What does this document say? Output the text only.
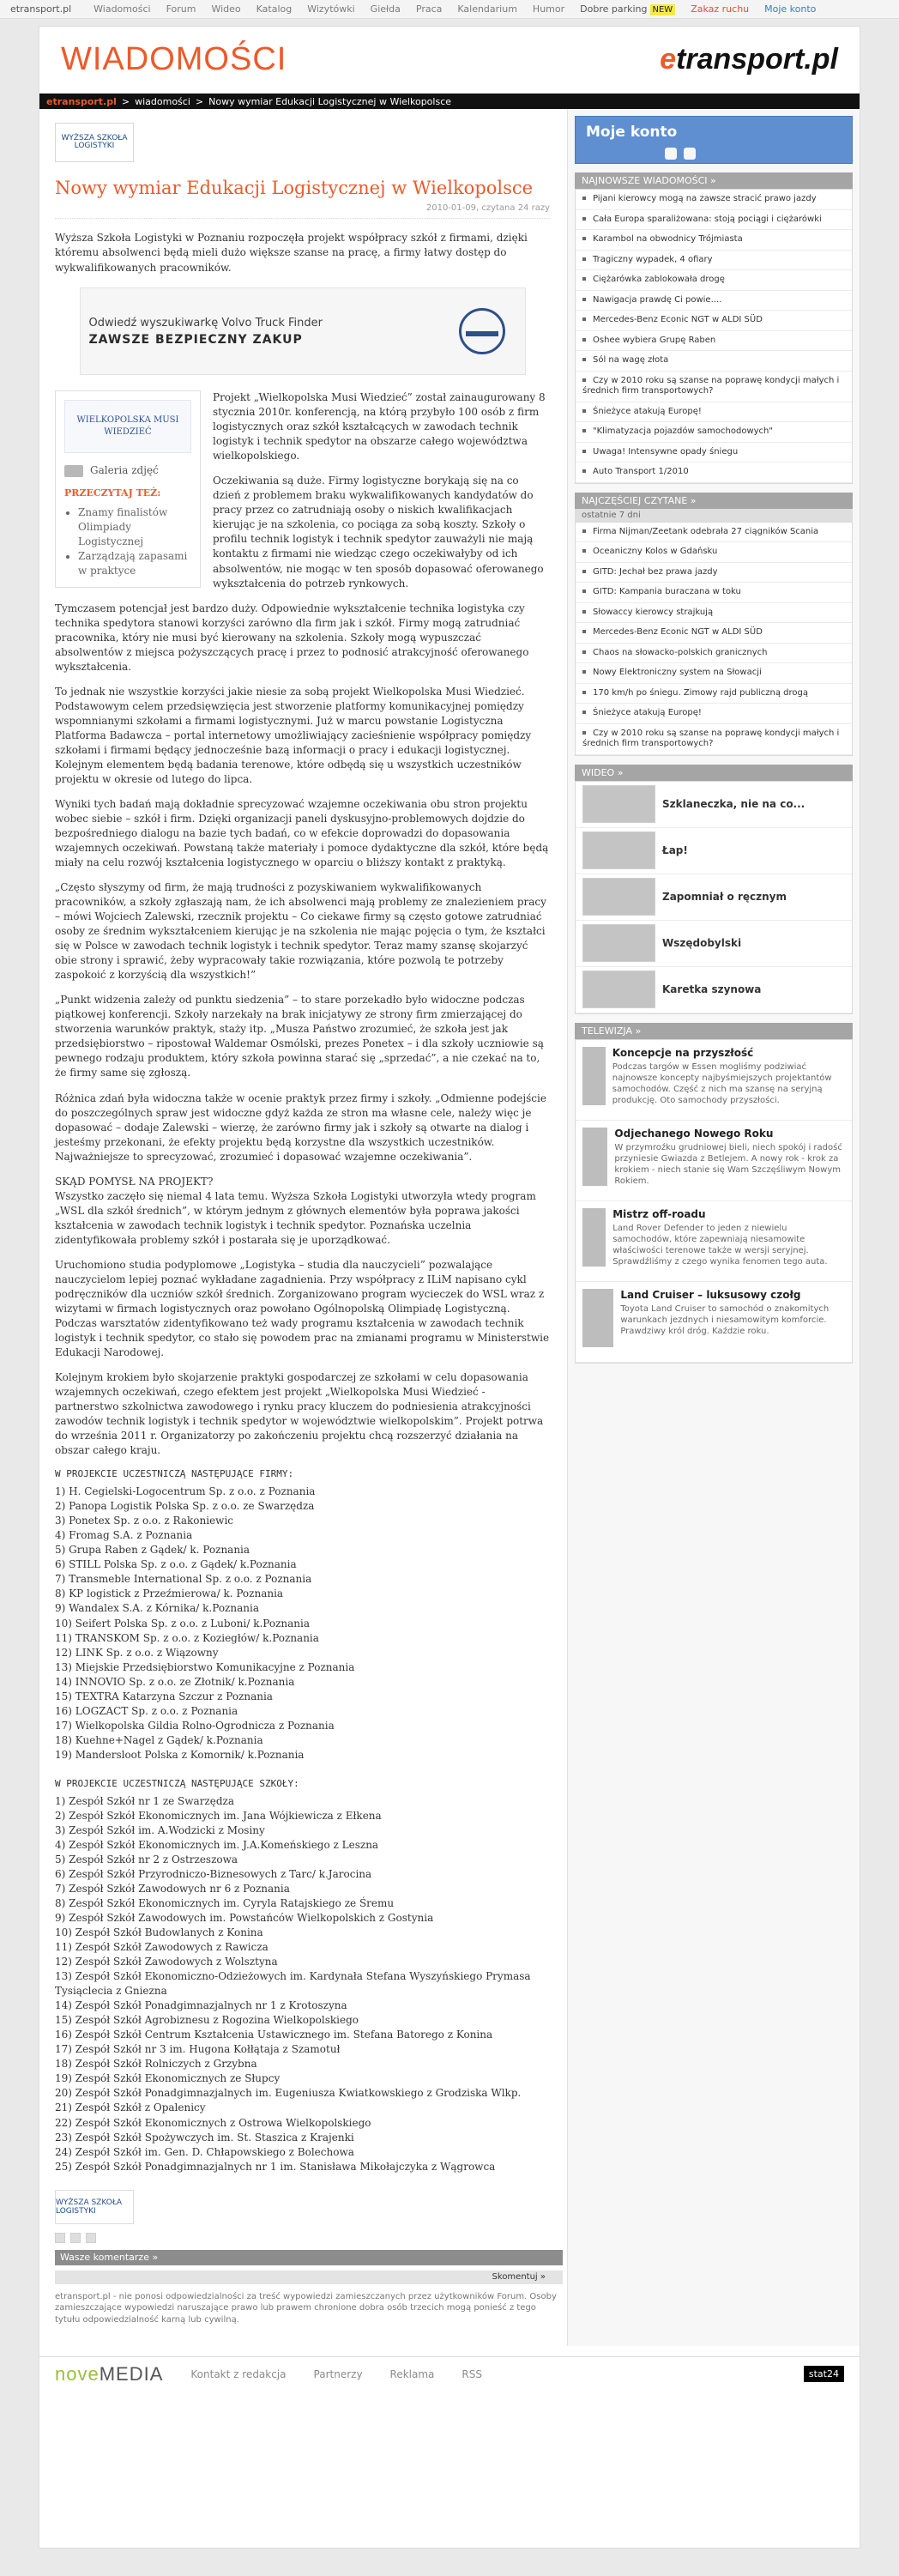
etransport.pl Wiadomości Forum Wideo Katalog Wizytówki Giełda Praca Kalendarium Humor Dobre parking NEW Zakaz ruchu Moje konto
WIADOMOŚCI	etransport.pl
etransport.pl > wiadomości > Nowy wymiar Edukacji Logistycznej w Wielkopolsce
WYŻSZA SZKOŁA LOGISTYKI
Nowy wymiar Edukacji Logistycznej w Wielkopolsce
2010-01-09, czytana 24 razy
Wyższa Szkoła Logistyki w Poznaniu rozpoczęła projekt współpracy szkół z firmami, dzięki któremu absolwenci będą mieli dużo większe szanse na pracę, a firmy łatwy dostęp do wykwalifikowanych pracowników.
Odwiedź wyszukiwarkę Volvo Truck Finder
ZAWSZE BEZPIECZNY ZAKUP
WIELKOPOLSKA MUSI WIEDZIEĆ
Galeria zdjęć
PRZECZYTAJ TEŻ:
• Znamy finalistów Olimpiady Logistycznej
• Zarządzają zapasami w praktyce

Projekt „Wielkopolska Musi Wiedzieć” został zainaugurowany 8 stycznia 2010r. konferencją, na którą przybyło 100 osób z firm logistycznych oraz szkół kształcących w zawodach technik logistyk i technik spedytor na obszarze całego województwa wielkopolskiego.

Oczekiwania są duże. Firmy logistyczne borykają się na co dzień z problemem braku wykwalifikowanych kandydatów do pracy przez co zatrudniają osoby o niskich kwalifikacjach kierując je na szkolenia, co pociąga za sobą koszty. Szkoły o profilu technik logistyk i technik spedytor zauważyli nie mają kontaktu z firmami nie wiedząc czego oczekiwałyby od ich absolwentów, nie mogąc w ten sposób dopasować oferowanego wykształcenia do potrzeb rynkowych.

Tymczasem potencjał jest bardzo duży. Odpowiednie wykształcenie technika logistyka czy technika spedytora stanowi korzyści zarówno dla firm jak i szkół. Firmy mogą zatrudniać pracownika, który nie musi być kierowany na szkolenia. Szkoły mogą wypuszczać absolwentów z miejsca pożyszczących pracę i przez to podnosić atrakcyjność oferowanego wykształcenia.

To jednak nie wszystkie korzyści jakie niesie za sobą projekt Wielkopolska Musi Wiedzieć. Podstawowym celem przedsięwzięcia jest stworzenie platformy komunikacyjnej pomiędzy wspomnianymi szkołami a firmami logistycznymi. Już w marcu powstanie Logistyczna Platforma Badawcza – portal internetowy umożliwiający zacieśnienie współpracy pomiędzy szkołami i firmami będący jednocześnie bazą informacji o pracy i edukacji logistycznej. Kolejnym elementem będą badania terenowe, które odbędą się u wszystkich uczestników projektu w okresie od lutego do lipca.

Wyniki tych badań mają dokładnie sprecyzować wzajemne oczekiwania obu stron projektu wobec siebie – szkół i firm. Dzięki organizacji paneli dyskusyjno-problemowych dojdzie do bezpośredniego dialogu na bazie tych badań, co w efekcie doprowadzi do dopasowania wzajemnych oczekiwań. Powstaną także materiały i pomoce dydaktyczne dla szkół, które będą miały na celu rozwój kształcenia logistycznego w oparciu o bliższy kontakt z praktyką.

„Często słyszymy od firm, że mają trudności z pozyskiwaniem wykwalifikowanych pracowników, a szkoły zgłaszają nam, że ich absolwenci mają problemy ze znalezieniem pracy – mówi Wojciech Zalewski, rzecznik projektu – Co ciekawe firmy są często gotowe zatrudniać osoby ze średnim wykształceniem kierując je na szkolenia nie mając pojęcia o tym, że kształci się w Polsce w zawodach technik logistyk i technik spedytor. Teraz mamy szansę skojarzyć obie strony i sprawić, żeby wypracowały takie rozwiązania, które pozwolą te potrzeby zaspokoić z korzyścią dla wszystkich!”

„Punkt widzenia zależy od punktu siedzenia” – to stare porzekadło było widoczne podczas piątkowej konferencji. Szkoły narzekały na brak inicjatywy ze strony firm zmierzającej do stworzenia warunków praktyk, staży itp. „Musza Państwo zrozumieć, że szkoła jest jak przedsiębiorstwo – ripostował Waldemar Osmólski, prezes Ponetex – i dla szkoły uczniowie są pewnego rodzaju produktem, który szkoła powinna starać się „sprzedać”, a nie czekać na to, że firmy same się zgłoszą.

Różnica zdań była widoczna także w ocenie praktyk przez firmy i szkoły. „Odmienne podejście do poszczególnych spraw jest widoczne gdyż każda ze stron ma własne cele, należy więc je dopasować – dodaje Zalewski – wierzę, że zarówno firmy jak i szkoły są otwarte na dialog i jesteśmy przekonani, że efekty projektu będą korzystne dla wszystkich uczestników. Najważniejsze to sprecyzować, zrozumieć i dopasować wzajemne oczekiwania”.

SKĄD POMYSŁ NA PROJEKT?
Wszystko zaczęło się niemal 4 lata temu. Wyższa Szkoła Logistyki utworzyła wtedy program „WSL dla szkół średnich”, w którym jednym z głównych elementów była poprawa jakości kształcenia w zawodach technik logistyk i technik spedytor. Poznańska uczelnia zidentyfikowała problemy szkół i postarała się je uporządkować.

Uruchomiono studia podyplomowe „Logistyka – studia dla nauczycieli” pozwalające nauczycielom lepiej poznać wykładane zagadnienia. Przy współpracy z ILiM napisano cykl podręczników dla uczniów szkół średnich. Zorganizowano program wycieczek do WSL wraz z wizytami w firmach logistycznych oraz powołano Ogólnopolską Olimpiadę Logistyczną. Podczas warsztatów zidentyfikowano też wady programu kształcenia w zawodach technik logistyk i technik spedytor, co stało się powodem prac na zmianami programu w Ministerstwie Edukacji Narodowej.

Kolejnym krokiem było skojarzenie praktyki gospodarczej ze szkołami w celu dopasowania wzajemnych oczekiwań, czego efektem jest projekt „Wielkopolska Musi Wiedzieć - partnerstwo szkolnictwa zawodowego i rynku pracy kluczem do podniesienia atrakcyjności zawodów technik logistyk i technik spedytor w województwie wielkopolskim”. Projekt potrwa do września 2011 r. Organizatorzy po zakończeniu projektu chcą rozszerzyć działania na obszar całego kraju.

W PROJEKCIE UCZESTNICZĄ NASTĘPUJĄCE FIRMY:
1) H. Cegielski-Logocentrum Sp. z o.o. z Poznania
2) Panopa Logistik Polska Sp. z o.o. ze Swarzędza
3) Ponetex Sp. z o.o. z Rakoniewic
4) Fromag S.A. z Poznania
5) Grupa Raben z Gądek/ k. Poznania
6) STILL Polska Sp. z o.o. z Gądek/ k.Poznania
7) Transmeble International Sp. z o.o. z Poznania
8) KP logistick z Przeźmierowa/ k. Poznania
9) Wandalex S.A. z Kórnika/ k.Poznania
10) Seifert Polska Sp. z o.o. z Luboni/ k.Poznania
11) TRANSKOM Sp. z o.o. z Koziegłów/ k.Poznania
12) LINK Sp. z o.o. z Wiązowny
13) Miejskie Przedsiębiorstwo Komunikacyjne z Poznania
14) INNOVIO Sp. z o.o. ze Złotnik/ k.Poznania
15) TEXTRA Katarzyna Szczur z Poznania
16) LOGZACT Sp. z o.o. z Poznania
17) Wielkopolska Gildia Rolno-Ogrodnicza z Poznania
18) Kuehne+Nagel z Gądek/ k.Poznania
19) Mandersloot Polska z Komornik/ k.Poznania
W PROJEKCIE UCZESTNICZĄ NASTĘPUJĄCE SZKOŁY:
1) Zespół Szkół nr 1 ze Swarzędza
2) Zespół Szkół Ekonomicznych im. Jana Wójkiewicza z Ełkena
3) Zespół Szkół im. A.Wodzicki z Mosiny
4) Zespół Szkół Ekonomicznych im. J.A.Komeńskiego z Leszna
5) Zespół Szkół nr 2 z Ostrzeszowa
6) Zespół Szkół Przyrodniczo-Biznesowych z Tarc/ k.Jarocina
7) Zespół Szkół Zawodowych nr 6 z Poznania
8) Zespół Szkół Ekonomicznych im. Cyryla Ratajskiego ze Śremu
9) Zespół Szkół Zawodowych im. Powstańców Wielkopolskich z Gostynia
10) Zespół Szkół Budowlanych z Konina
11) Zespół Szkół Zawodowych z Rawicza
12) Zespół Szkół Zawodowych z Wolsztyna
13) Zespół Szkół Ekonomiczno-Odzieżowych im. Kardynała Stefana Wyszyńskiego Prymasa Tysiąclecia z Gniezna
14) Zespół Szkół Ponadgimnazjalnych nr 1 z Krotoszyna
15) Zespół Szkół Agrobiznesu z Rogozina Wielkopolskiego
16) Zespół Szkół Centrum Kształcenia Ustawicznego im. Stefana Batorego z Konina
17) Zespół Szkół nr 3 im. Hugona Kołłątaja z Szamotuł
18) Zespół Szkół Rolniczych z Grzybna
19) Zespół Szkół Ekonomicznych ze Słupcy
20) Zespół Szkół Ponadgimnazjalnych im. Eugeniusza Kwiatkowskiego z Grodziska Wlkp.
21) Zespół Szkół z Opalenicy
22) Zespół Szkół Ekonomicznych z Ostrowa Wielkopolskiego
23) Zespół Szkół Spożywczych im. St. Staszica z Krajenki
24) Zespół Szkół im. Gen. D. Chłapowskiego z Bolechowa
25) Zespół Szkół Ponadgimnazjalnych nr 1 im. Stanisława Mikołajczyka z Wągrowca
WYŻSZA SZKOŁA LOGISTYKI
Wasze komentarze »
Skomentuj »
etransport.pl - nie ponosi odpowiedzialności za treść wypowiedzi zamieszczanych przez użytkowników Forum. Osoby zamieszczające wypowiedzi naruszające prawo lub prawem chronione dobra osób trzecich mogą ponieść z tego tytułu odpowiedzialność karną lub cywilną.
Moje konto
NAJNOWSZE WIADOMOŚCI »
Pijani kierowcy mogą na zawsze stracić prawo jazdy
Cała Europa sparaliżowana: stoją pociągi i ciężarówki
Karambol na obwodnicy Trójmiasta
Tragiczny wypadek, 4 ofiary
Ciężarówka zablokowała drogę
Nawigacja prawdę Ci powie....
Mercedes-Benz Econic NGT w ALDI SÜD
Oshee wybiera Grupę Raben
Sól na wagę złota
Czy w 2010 roku są szanse na poprawę kondycji małych i średnich firm transportowych?
Śnieżyce atakują Europę!
"Klimatyzacja pojazdów samochodowych"
Uwaga! Intensywne opady śniegu
Auto Transport 1/2010
NAJCZĘŚCIEJ CZYTANE »
ostatnie 7 dni
Firma Nijman/Zeetank odebrała 27 ciągników Scania
Oceaniczny Kolos w Gdańsku
GITD: Jechał bez prawa jazdy
GITD: Kampania buraczana w toku
Słowaccy kierowcy strajkują
Mercedes-Benz Econic NGT w ALDI SÜD
Chaos na słowacko-polskich granicznych
Nowy Elektroniczny system na Słowacji
170 km/h po śniegu. Zimowy rajd publiczną drogą
Śnieżyce atakują Europę!
Czy w 2010 roku są szanse na poprawę kondycji małych i średnich firm transportowych?
WIDEO »
Szklaneczka, nie na co...
Łap!
Zapomniał o ręcznym
Wszędobylski
Karetka szynowa
TELEWIZJA »
Koncepcje na przyszłość
Podczas targów w Essen mogliśmy podziwiać najnowsze koncepty najbyśmiejszych projektantów samochodów. Część z nich ma szansę na seryjną produkcję. Oto samochody przyszłości.
Odjechanego Nowego Roku
W przymroźku grudniowej bieli, niech spokój i radość przyniesie Gwiazda z Betlejem. A nowy rok - krok za krokiem - niech stanie się Wam Szczęśliwym Nowym Rokiem.
Mistrz off-roadu
Land Rover Defender to jeden z niewielu samochodów, które zapewniają niesamowite właściwości terenowe także w wersji seryjnej. Sprawdźliśmy z czego wynika fenomen tego auta.
Land Cruiser – luksusowy czołg
Toyota Land Cruiser to samochód o znakomitych warunkach jezdnych i niesamowitym komforcie. Prawdziwy król dróg. Kaździe roku.
noveMEDIA	Kontakt z redakcja	Partnerzy	Reklama	RSS	stat24
